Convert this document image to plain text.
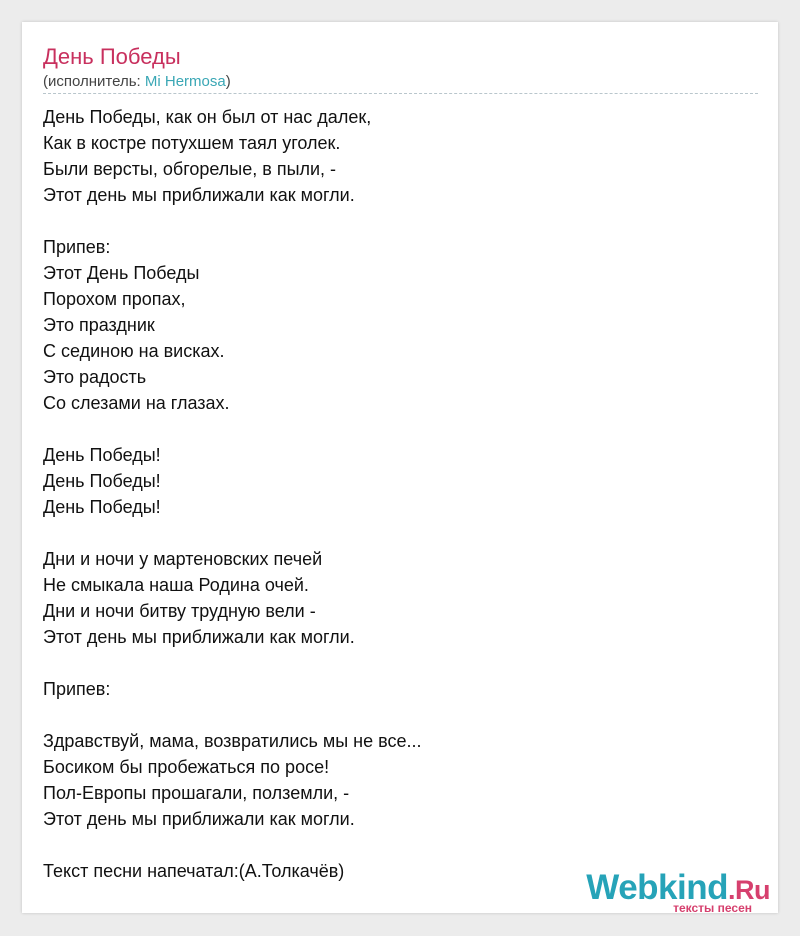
День Победы
(исполнитель: Mi Hermosa)
День Победы, как он был от нас далек,
Как в костре потухшем таял уголек.
Были версты, обгорелые, в пыли, -
Этот день мы приближали как могли.
Припев:
Этот День Победы
Порохом пропах,
Это праздник
С сединою на висках.
Это радость
Со слезами на глазах.
День Победы!
День Победы!
День Победы!
Дни и ночи у мартеновских печей
Не смыкала наша Родина очей.
Дни и ночи битву трудную вели -
Этот день мы приближали как могли.
Припев:
Здравствуй, мама, возвратились мы не все...
Босиком бы пробежаться по росе!
Пол-Европы прошагали, полземли, -
Этот день мы приближали как могли.
Текст песни напечатал:(А.Толкачёв)	Webkind.Ru
тексты песен
